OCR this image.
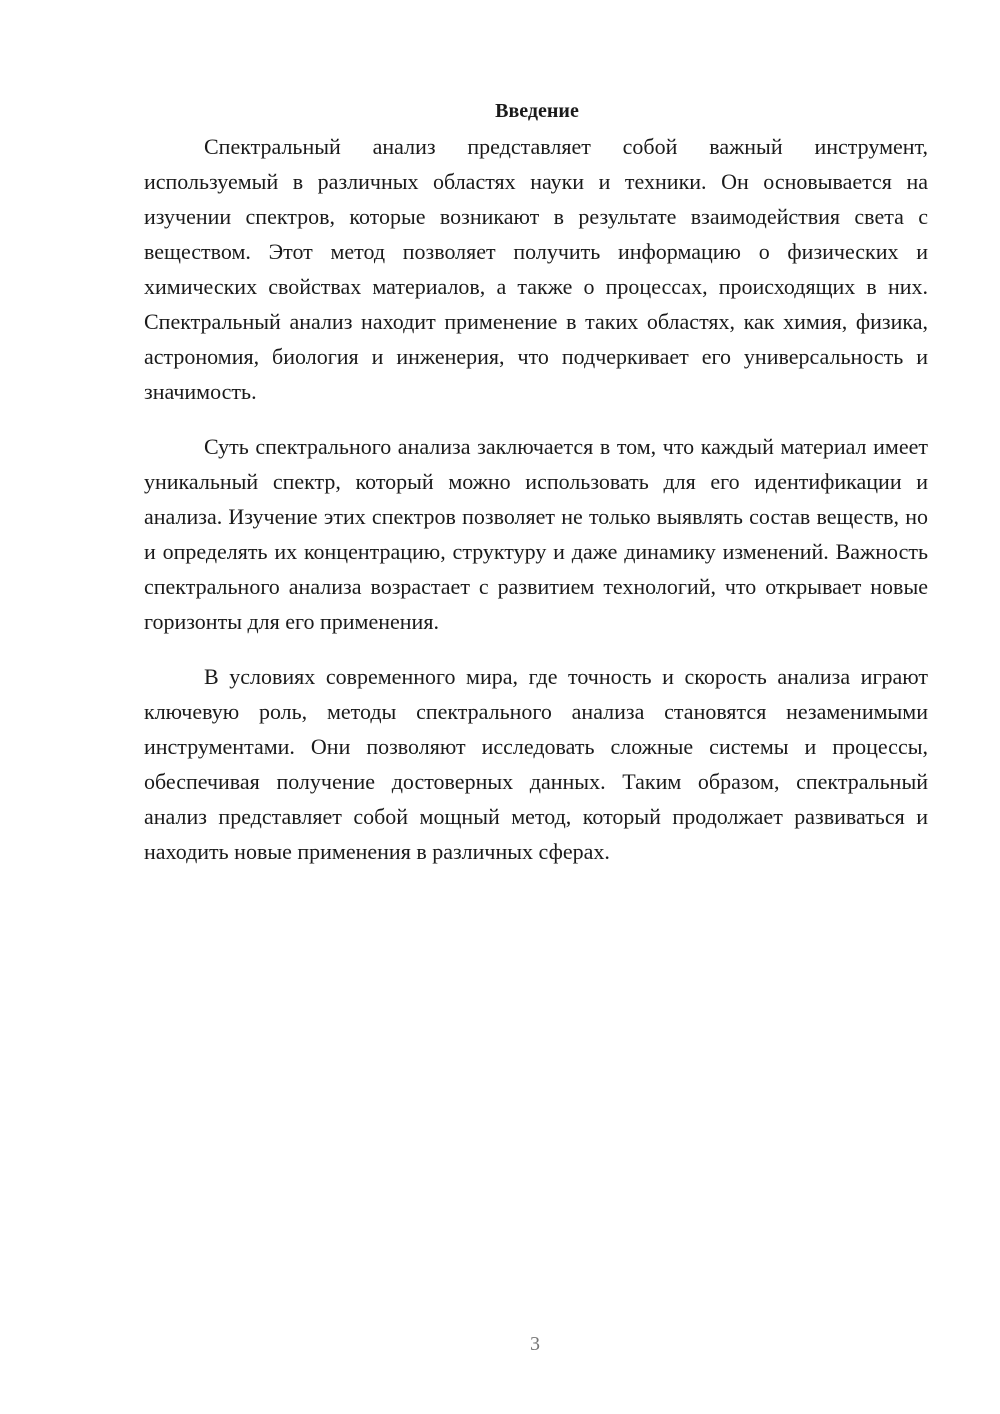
Введение

Спектральный анализ представляет собой важный инструмент, используемый в различных областях науки и техники. Он основывается на изучении спектров, которые возникают в результате взаимодействия света с веществом. Этот метод позволяет получить информацию о физических и химических свойствах материалов, а также о процессах, происходящих в них. Спектральный анализ находит применение в таких областях, как химия, физика, астрономия, биология и инженерия, что подчеркивает его универсальность и значимость.

Суть спектрального анализа заключается в том, что каждый материал имеет уникальный спектр, который можно использовать для его идентификации и анализа. Изучение этих спектров позволяет не только выявлять состав веществ, но и определять их концентрацию, структуру и даже динамику изменений. Важность спектрального анализа возрастает с развитием технологий, что открывает новые горизонты для его применения.

В условиях современного мира, где точность и скорость анализа играют ключевую роль, методы спектрального анализа становятся незаменимыми инструментами. Они позволяют исследовать сложные системы и процессы, обеспечивая получение достоверных данных. Таким образом, спектральный анализ представляет собой мощный метод, который продолжает развиваться и находить новые применения в различных сферах.

3
